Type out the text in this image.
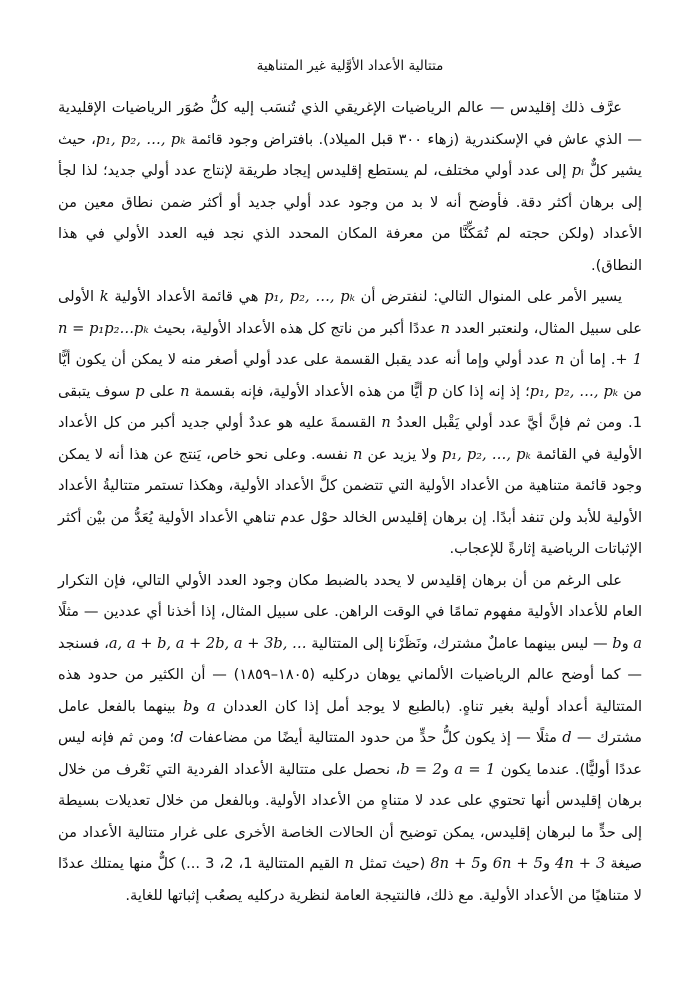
متتالية الأعداد الأوَّلية غير المتناهية

عرَّف ذلك إقليدس — عالم الرياضيات الإغريقي الذي تُنسَب إليه كلُّ صُوَر الرياضيات الإقليدية — الذي عاش في الإسكندرية (زهاء ٣٠٠ قبل الميلاد). بافتراض وجود قائمة p₁, p₂, …, pₖ، حيث يشير كلٌّ pᵢ إلى عدد أولي مختلف، لم يستطع إقليدس إيجاد طريقة لإنتاج عدد أولي جديد؛ لذا لجأ إلى برهان أكثر دقة. فأوضح أنه لا بد من وجود عدد أولي جديد أو أكثر ضمن نطاق معين من الأعداد (ولكن حجته لم تُمَكِّنَّا من معرفة المكان المحدد الذي نجد فيه العدد الأولي في هذا النطاق).

يسير الأمر على المنوال التالي: لنفترض أن p₁, p₂, …, pₖ هي قائمة الأعداد الأولية k الأولى على سبيل المثال، ولنعتبر العدد n عددًا أكبر من ناتج كل هذه الأعداد الأولية، بحيث n = p₁p₂…pₖ + 1. إما أن n عدد أولي وإما أنه عدد يقبل القسمة على عدد أولي أصغر منه لا يمكن أن يكون أيًّا من p₁, p₂, …, pₖ؛ إذ إنه إذا كان p أيًّا من هذه الأعداد الأولية، فإنه بقسمة n على p سوف يتبقى 1. ومن ثم فإنَّ أيَّ عدد أولي يَقْبل العددُ n القسمةَ عليه هو عددٌ أولي جديد أكبر من كل الأعداد الأولية في القائمة p₁, p₂, …, pₖ ولا يزيد عن n نفسه. وعلى نحو خاص، يَنتج عن هذا أنه لا يمكن وجود قائمة متناهية من الأعداد الأولية التي تتضمن كلَّ الأعداد الأولية، وهكذا تستمر متتاليةُ الأعداد الأولية للأبد ولن تنفد أبدًا. إن برهان إقليدس الخالد حوْل عدم تناهي الأعداد الأولية يُعَدُّ من بيْن أكثر الإثباتات الرياضية إثارةً للإعجاب.

على الرغم من أن برهان إقليدس لا يحدد بالضبط مكان وجود العدد الأولي التالي، فإن التكرار العام للأعداد الأولية مفهوم تمامًا في الوقت الراهن. على سبيل المثال، إذا أخذنا أي عددين — مثلًا a وb — ليس بينهما عاملٌ مشترك، ونَظَرْنا إلى المتتالية a, a + b, a + 2b, a + 3b, …، فسنجد — كما أوضح عالم الرياضيات الألماني يوهان دركليه (١٨٠٥–١٨٥٩) — أن الكثير من حدود هذه المتتالية أعداد أولية بغير تناهٍ. (بالطبع لا يوجد أمل إذا كان العددان a وb بينهما بالفعل عامل مشترك — d مثلًا — إذ يكون كلُّ حدٍّ من حدود المتتالية أيضًا من مضاعفات d؛ ومن ثم فإنه ليس عددًا أوليًّا). عندما يكون a = 1 وb = 2، نحصل على متتالية الأعداد الفردية التي نَعْرف من خلال برهان إقليدس أنها تحتوي على عدد لا متناهٍ من الأعداد الأولية. وبالفعل من خلال تعديلات بسيطة إلى حدٍّ ما لبرهان إقليدس، يمكن توضيح أن الحالات الخاصة الأخرى على غرار متتالية الأعداد من صيغة 4n + 3 و6n + 5 و8n + 5 (حيث تمثل n القيم المتتالية 1، 2، 3 ...) كلٌّ منها يمتلك عددًا لا متناهيًا من الأعداد الأولية. مع ذلك، فالنتيجة العامة لنظرية دركليه يصعُب إثباتها للغاية.
